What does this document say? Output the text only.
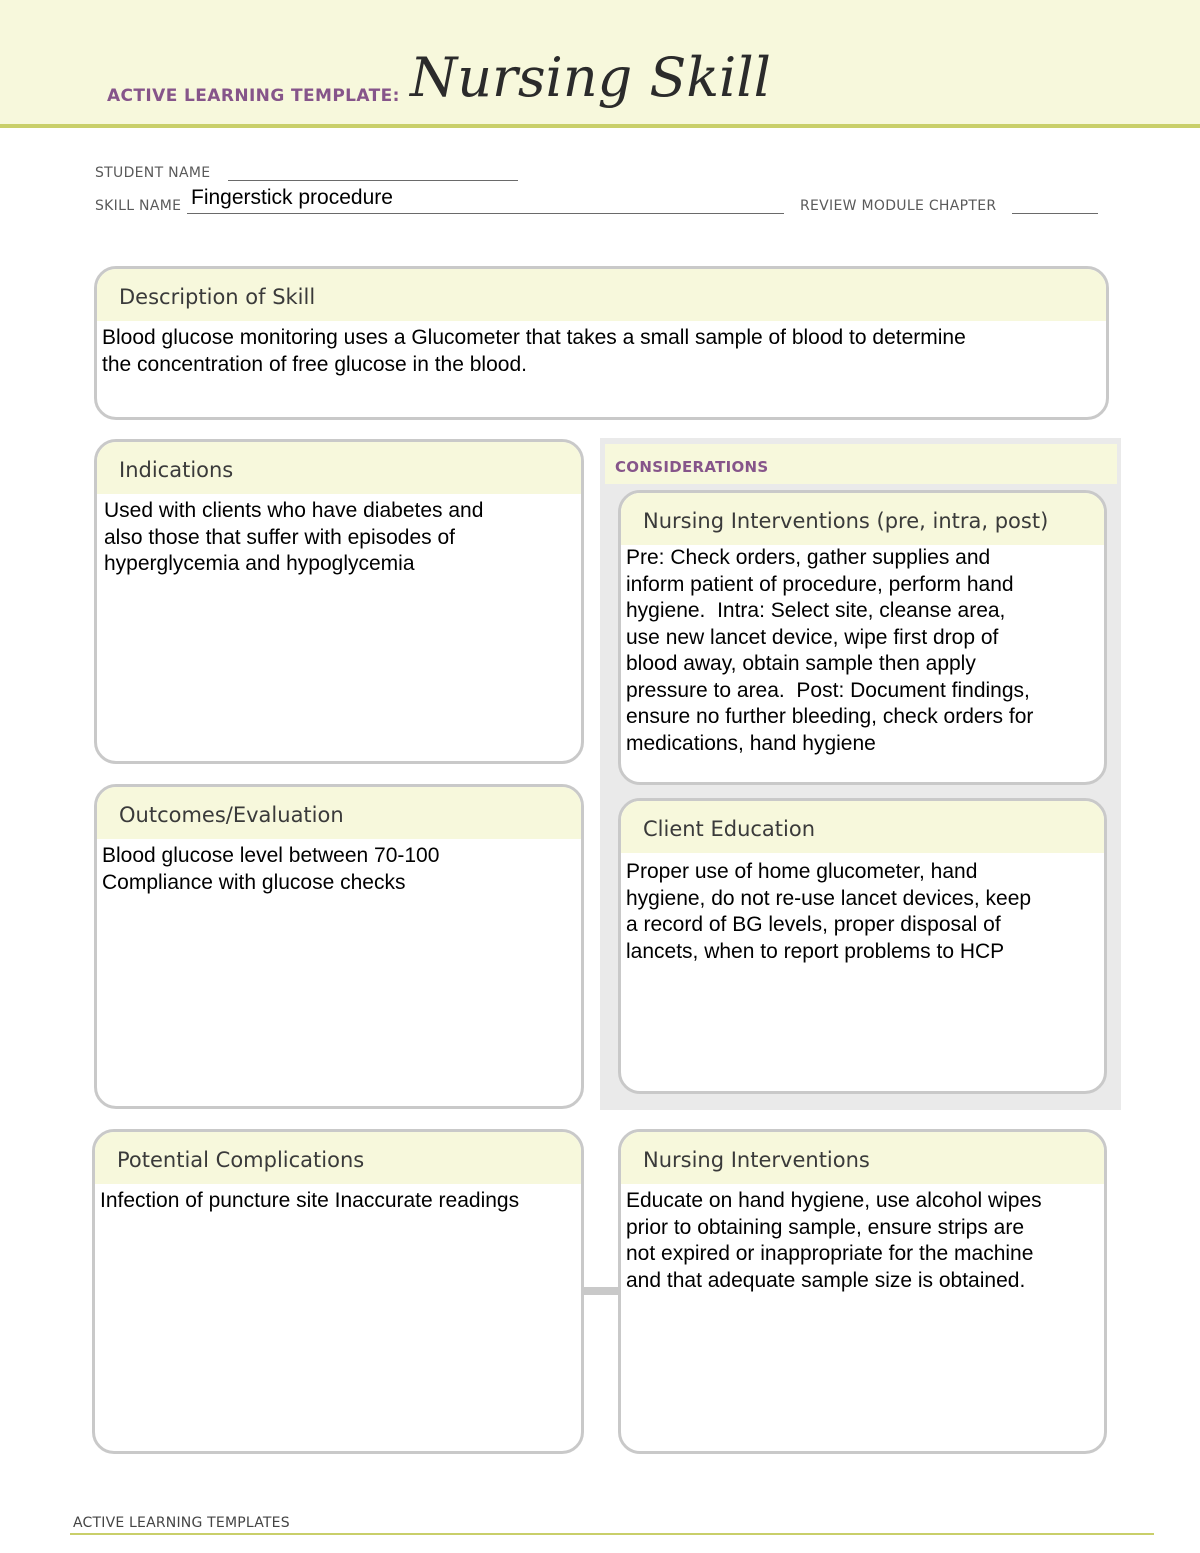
ACTIVE LEARNING TEMPLATE: Nursing Skill
STUDENT NAME
SKILL NAME Fingerstick procedure	REVIEW MODULE CHAPTER
Description of Skill
Blood glucose monitoring uses a Glucometer that takes a small sample of blood to determine
the concentration of free glucose in the blood.
Indications
Used with clients who have diabetes and
also those that suffer with episodes of
hyperglycemia and hypoglycemia
Outcomes/Evaluation
Blood glucose level between 70-100
Compliance with glucose checks
CONSIDERATIONS
Nursing Interventions (pre, intra, post)
Pre: Check orders, gather supplies and
inform patient of procedure, perform hand
hygiene.  Intra: Select site, cleanse area,
use new lancet device, wipe first drop of
blood away, obtain sample then apply
pressure to area.  Post: Document findings,
ensure no further bleeding, check orders for
medications, hand hygiene
Client Education
Proper use of home glucometer, hand
hygiene, do not re-use lancet devices, keep
a record of BG levels, proper disposal of
lancets, when to report problems to HCP
Potential Complications
Infection of puncture site Inaccurate readings
Nursing Interventions
Educate on hand hygiene, use alcohol wipes
prior to obtaining sample, ensure strips are
not expired or inappropriate for the machine
and that adequate sample size is obtained.
ACTIVE LEARNING TEMPLATES
